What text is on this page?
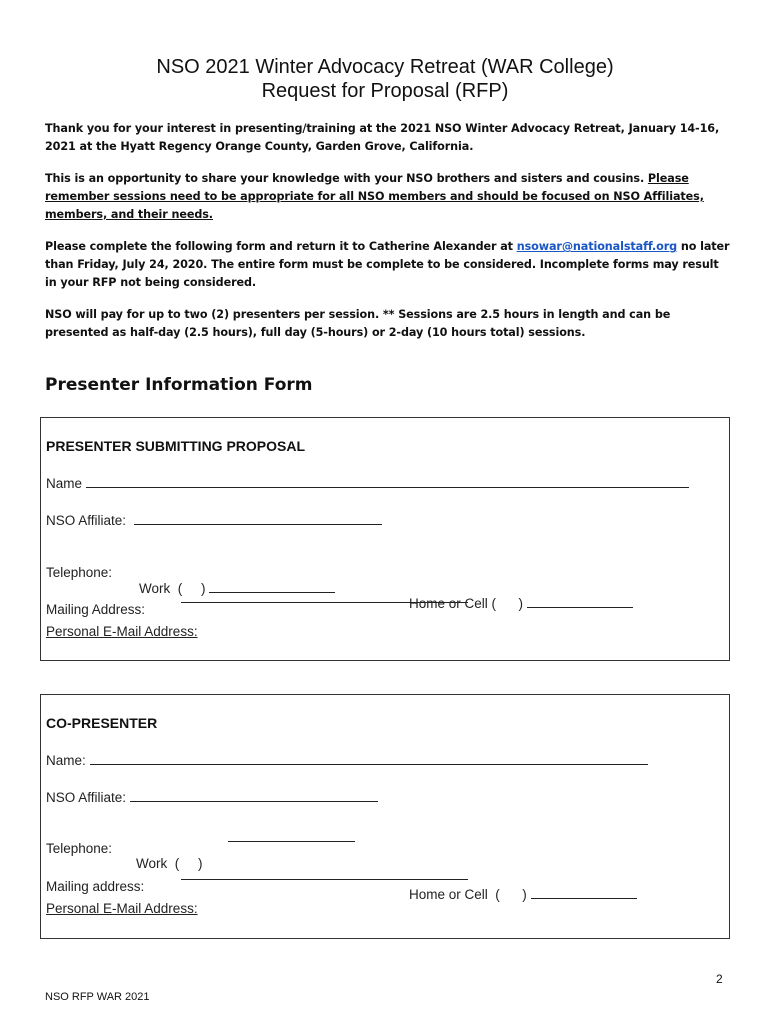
NSO 2021 Winter Advocacy Retreat (WAR College)
Request for Proposal (RFP)

Thank you for your interest in presenting/training at the 2021 NSO Winter Advocacy Retreat, January 14-16, 2021 at the Hyatt Regency Orange County, Garden Grove, California.

This is an opportunity to share your knowledge with your NSO brothers and sisters and cousins. Please remember sessions need to be appropriate for all NSO members and should be focused on NSO Affiliates, members, and their needs.

Please complete the following form and return it to Catherine Alexander at nsowar@nationalstaff.org no later than Friday, July 24, 2020. The entire form must be complete to be considered. Incomplete forms may result in your RFP not being considered.

NSO will pay for up to two (2) presenters per session. ** Sessions are 2.5 hours in length and can be presented as half-day (2.5 hours), full day (5-hours) or 2-day (10 hours total) sessions.

Presenter Information Form
PRESENTER SUBMITTING PROPOSAL
Name
NSO Affiliate:

Telephone:

Work  (     )

Home or Cell (      )

Mailing Address:

Personal E-Mail Address:
CO-PRESENTER
Name:
NSO Affiliate:

Telephone:

Work  (     )

Home or Cell  (      )

Mailing address:

Personal E-Mail Address:
2
NSO RFP WAR 2021
